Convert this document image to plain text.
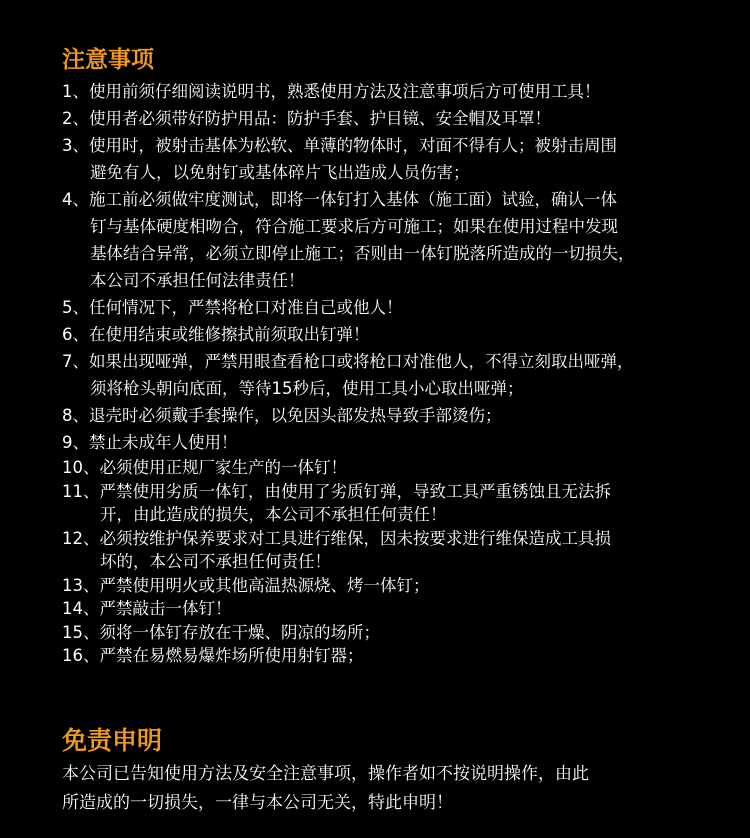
注意事项
1、使用前须仔细阅读说明书，熟悉使用方法及注意事项后方可使用工具！
2、使用者必须带好防护用品：防护手套、护目镜、安全帽及耳罩！
3、使用时，被射击基体为松软、单薄的物体时，对面不得有人；被射击周围
避免有人，以免射钉或基体碎片飞出造成人员伤害；
4、施工前必须做牢度测试，即将一体钉打入基体（施工面）试验，确认一体
钉与基体硬度相吻合，符合施工要求后方可施工；如果在使用过程中发现
基体结合异常，必须立即停止施工；否则由一体钉脱落所造成的一切损失，
本公司不承担任何法律责任！
5、任何情况下，严禁将枪口对准自己或他人！
6、在使用结束或维修擦拭前须取出钉弹！
7、如果出现哑弹，严禁用眼查看枪口或将枪口对准他人，不得立刻取出哑弹，
须将枪头朝向底面，等待15秒后，使用工具小心取出哑弹；
8、退壳时必须戴手套操作，以免因头部发热导致手部烫伤；
9、禁止未成年人使用！
10、必须使用正规厂家生产的一体钉！
11、严禁使用劣质一体钉，由使用了劣质钉弹，导致工具严重锈蚀且无法拆
开，由此造成的损失，本公司不承担任何责任！
12、必须按维护保养要求对工具进行维保，因未按要求进行维保造成工具损
坏的，本公司不承担任何责任！
13、严禁使用明火或其他高温热源烧、烤一体钉；
14、严禁敲击一体钉！
15、须将一体钉存放在干燥、阴凉的场所；
16、严禁在易燃易爆炸场所使用射钉器；
免责申明

本公司已告知使用方法及安全注意事项，操作者如不按说明操作，由此
所造成的一切损失，一律与本公司无关，特此申明！
